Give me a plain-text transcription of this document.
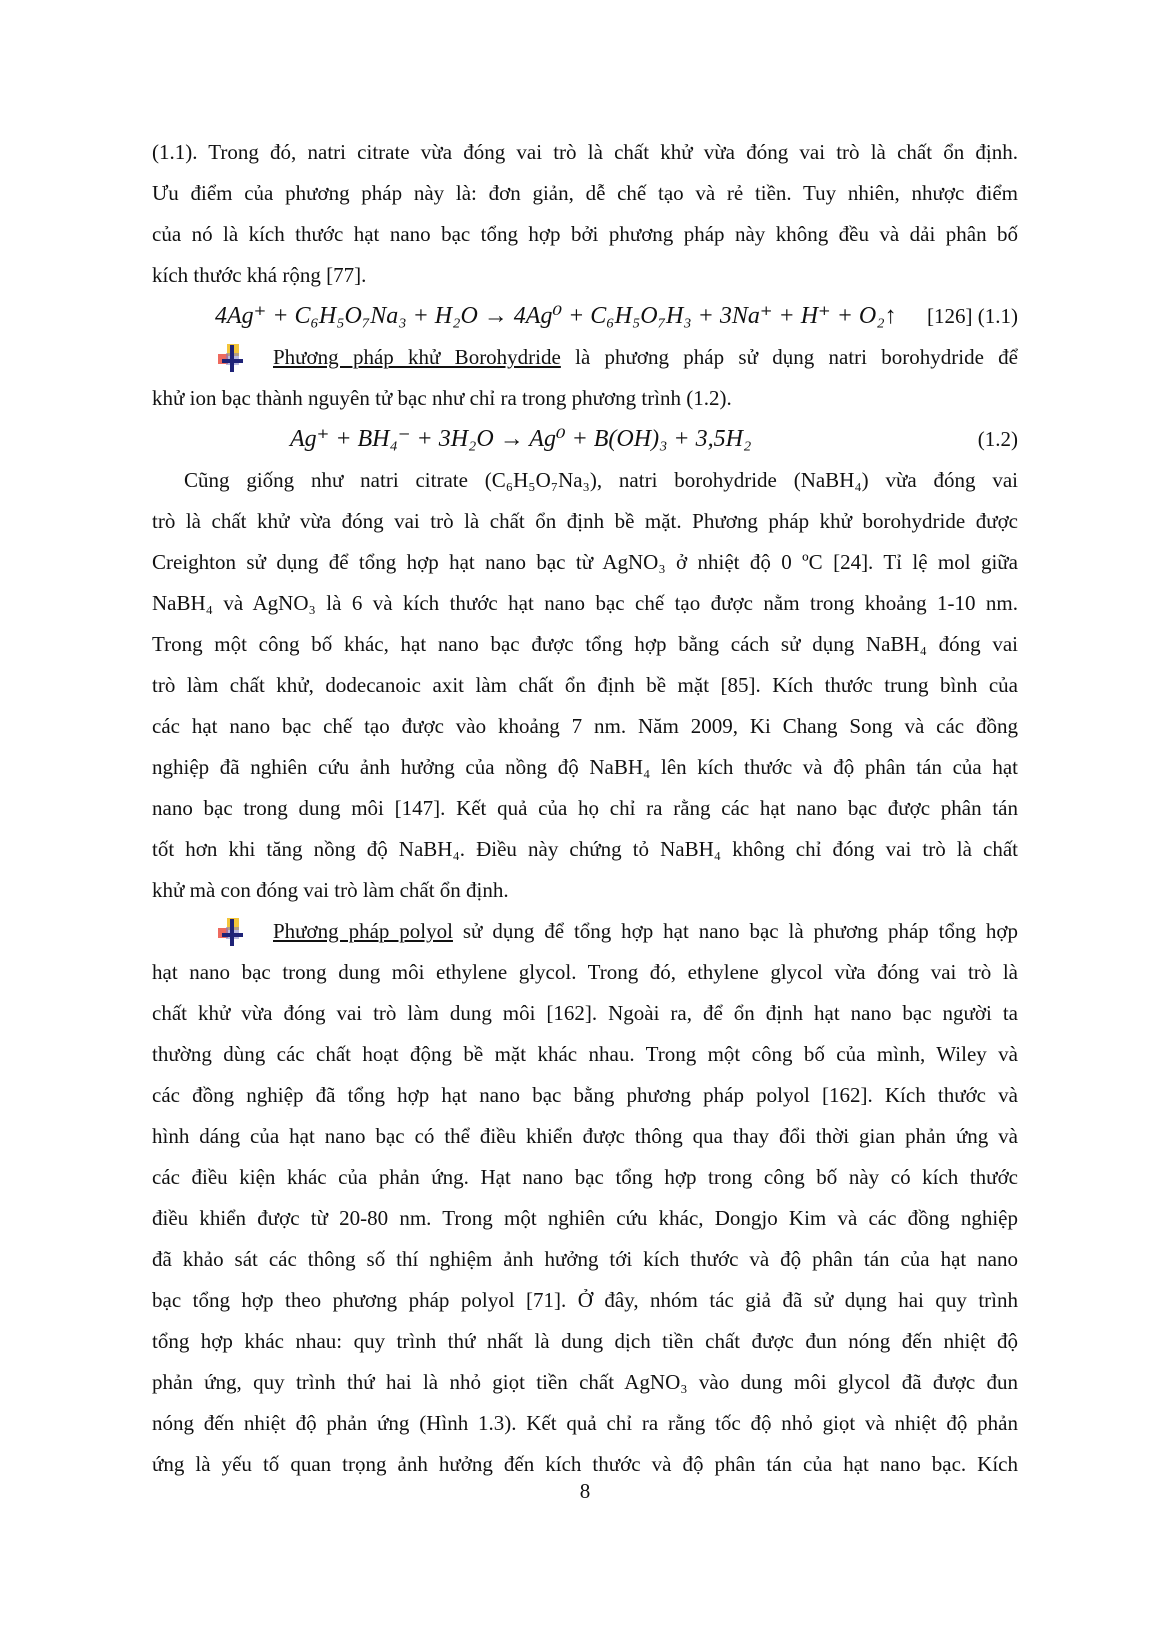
(1.1). Trong đó, natri citrate vừa đóng vai trò là chất khử vừa đóng vai trò là chất ổn định.
Ưu điểm của phương pháp này là: đơn giản, dễ chế tạo và rẻ tiền. Tuy nhiên, nhược điểm
của nó là kích thước hạt nano bạc tổng hợp bởi phương pháp này không đều và dải phân bố
kích thước khá rộng [77].
4Ag⁺ + C₆H₅O₇Na₃ + H₂O → 4Ag⁰ + C₆H₅O₇H₃ + 3Na⁺ + H⁺ + O₂↑ [126] (1.1)
Phương pháp khử Borohydride là phương pháp sử dụng natri borohydride để
khử ion bạc thành nguyên tử bạc như chỉ ra trong phương trình (1.2).
Ag⁺ + BH₄⁻ + 3H₂O → Ag⁰ + B(OH)₃ + 3,5H₂	(1.2)
Cũng giống như natri citrate (C₆H₅O₇Na₃), natri borohydride (NaBH₄) vừa đóng vai
trò là chất khử vừa đóng vai trò là chất ổn định bề mặt. Phương pháp khử borohydride được
Creighton sử dụng để tổng hợp hạt nano bạc từ AgNO₃ ở nhiệt độ 0 ºC [24]. Tỉ lệ mol giữa
NaBH₄ và AgNO₃ là 6 và kích thước hạt nano bạc chế tạo được nằm trong khoảng 1-10 nm.
Trong một công bố khác, hạt nano bạc được tổng hợp bằng cách sử dụng NaBH₄ đóng vai
trò làm chất khử, dodecanoic axit làm chất ổn định bề mặt [85]. Kích thước trung bình của
các hạt nano bạc chế tạo được vào khoảng 7 nm. Năm 2009, Ki Chang Song và các đồng
nghiệp đã nghiên cứu ảnh hưởng của nồng độ NaBH₄ lên kích thước và độ phân tán của hạt
nano bạc trong dung môi [147]. Kết quả của họ chỉ ra rằng các hạt nano bạc được phân tán
tốt hơn khi tăng nồng độ NaBH₄. Điều này chứng tỏ NaBH₄ không chỉ đóng vai trò là chất
khử mà con đóng vai trò làm chất ổn định.
Phương pháp polyol sử dụng để tổng hợp hạt nano bạc là phương pháp tổng hợp
hạt nano bạc trong dung môi ethylene glycol. Trong đó, ethylene glycol vừa đóng vai trò là
chất khử vừa đóng vai trò làm dung môi [162]. Ngoài ra, để ổn định hạt nano bạc người ta
thường dùng các chất hoạt động bề mặt khác nhau. Trong một công bố của mình, Wiley và
các đồng nghiệp đã tổng hợp hạt nano bạc bằng phương pháp polyol [162]. Kích thước và
hình dáng của hạt nano bạc có thể điều khiển được thông qua thay đổi thời gian phản ứng và
các điều kiện khác của phản ứng. Hạt nano bạc tổng hợp trong công bố này có kích thước
điều khiển được từ 20-80 nm. Trong một nghiên cứu khác, Dongjo Kim và các đồng nghiệp
đã khảo sát các thông số thí nghiệm ảnh hưởng tới kích thước và độ phân tán của hạt nano
bạc tổng hợp theo phương pháp polyol [71]. Ở đây, nhóm tác giả đã sử dụng hai quy trình
tổng hợp khác nhau: quy trình thứ nhất là dung dịch tiền chất được đun nóng đến nhiệt độ
phản ứng, quy trình thứ hai là nhỏ giọt tiền chất AgNO₃ vào dung môi glycol đã được đun
nóng đến nhiệt độ phản ứng (Hình 1.3). Kết quả chỉ ra rằng tốc độ nhỏ giọt và nhiệt độ phản
ứng là yếu tố quan trọng ảnh hưởng đến kích thước và độ phân tán của hạt nano bạc. Kích
8
